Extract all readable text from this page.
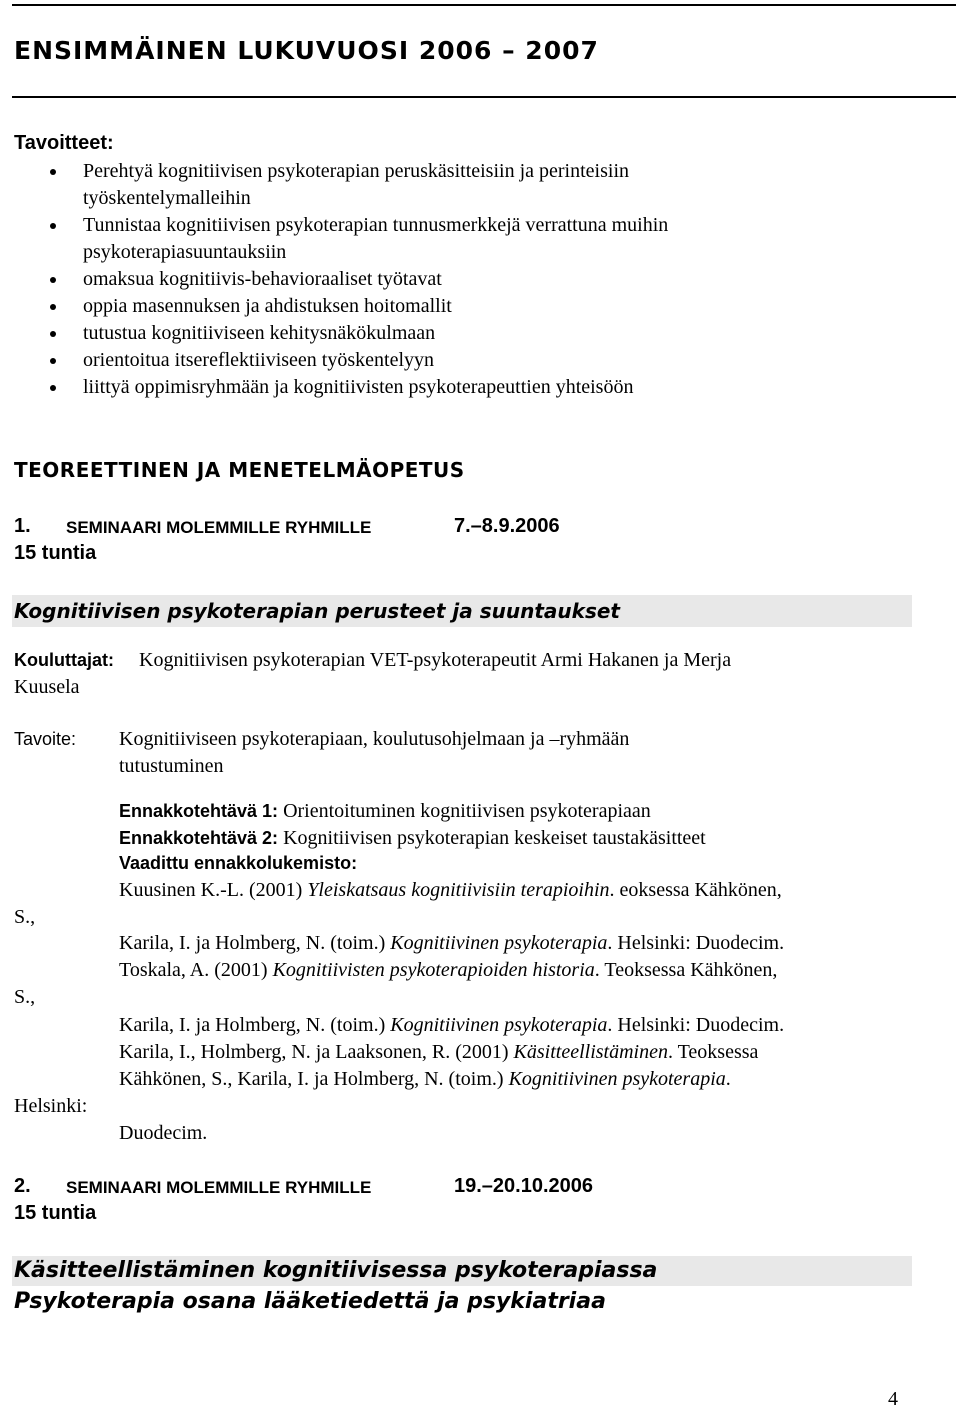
ENSIMMÄINEN LUKUVUOSI 2006 – 2007
Tavoitteet:
Perehtyä kognitiivisen psykoterapian peruskäsitteisiin ja perinteisiin
työskentelymalleihin
Tunnistaa kognitiivisen psykoterapian tunnusmerkkejä verrattuna muihin
psykoterapiasuuntauksiin
omaksua kognitiivis-behavioraaliset työtavat
oppia masennuksen ja ahdistuksen hoitomallit
tutustua kognitiiviseen kehitysnäkökulmaan
orientoitua itsereflektiiviseen työskentelyyn
liittyä oppimisryhmään ja kognitiivisten psykoterapeuttien yhteisöön
TEOREETTINEN JA MENETELMÄOPETUS
1. SEMINAARI MOLEMMILLE RYHMILLE	7.–8.9.2006
15 tuntia
Kognitiivisen psykoterapian perusteet ja suuntaukset
Kouluttajat: Kognitiivisen psykoterapian VET-psykoterapeutit Armi Hakanen ja Merja
Kuusela
Tavoite: Kognitiiviseen psykoterapiaan, koulutusohjelmaan ja –ryhmään
tutustuminen
Ennakkotehtävä 1: Orientoituminen kognitiivisen psykoterapiaan
Ennakkotehtävä 2: Kognitiivisen psykoterapian keskeiset taustakäsitteet
Vaadittu ennakkolukemisto:
Kuusinen K.-L. (2001) Yleiskatsaus kognitiivisiin terapioihin. eoksessa Kähkönen,
S.,
Karila, I. ja Holmberg, N. (toim.) Kognitiivinen psykoterapia. Helsinki: Duodecim.
Toskala, A. (2001) Kognitiivisten psykoterapioiden historia. Teoksessa Kähkönen,
S.,
Karila, I. ja Holmberg, N. (toim.) Kognitiivinen psykoterapia. Helsinki: Duodecim.
Karila, I., Holmberg, N. ja Laaksonen, R. (2001) Käsitteellistäminen. Teoksessa
Kähkönen, S., Karila, I. ja Holmberg, N. (toim.) Kognitiivinen psykoterapia.
Helsinki:
Duodecim.
2. SEMINAARI MOLEMMILLE RYHMILLE	19.–20.10.2006
15 tuntia
Käsitteellistäminen kognitiivisessa psykoterapiassa
Psykoterapia osana lääketiedettä ja psykiatriaa
4
